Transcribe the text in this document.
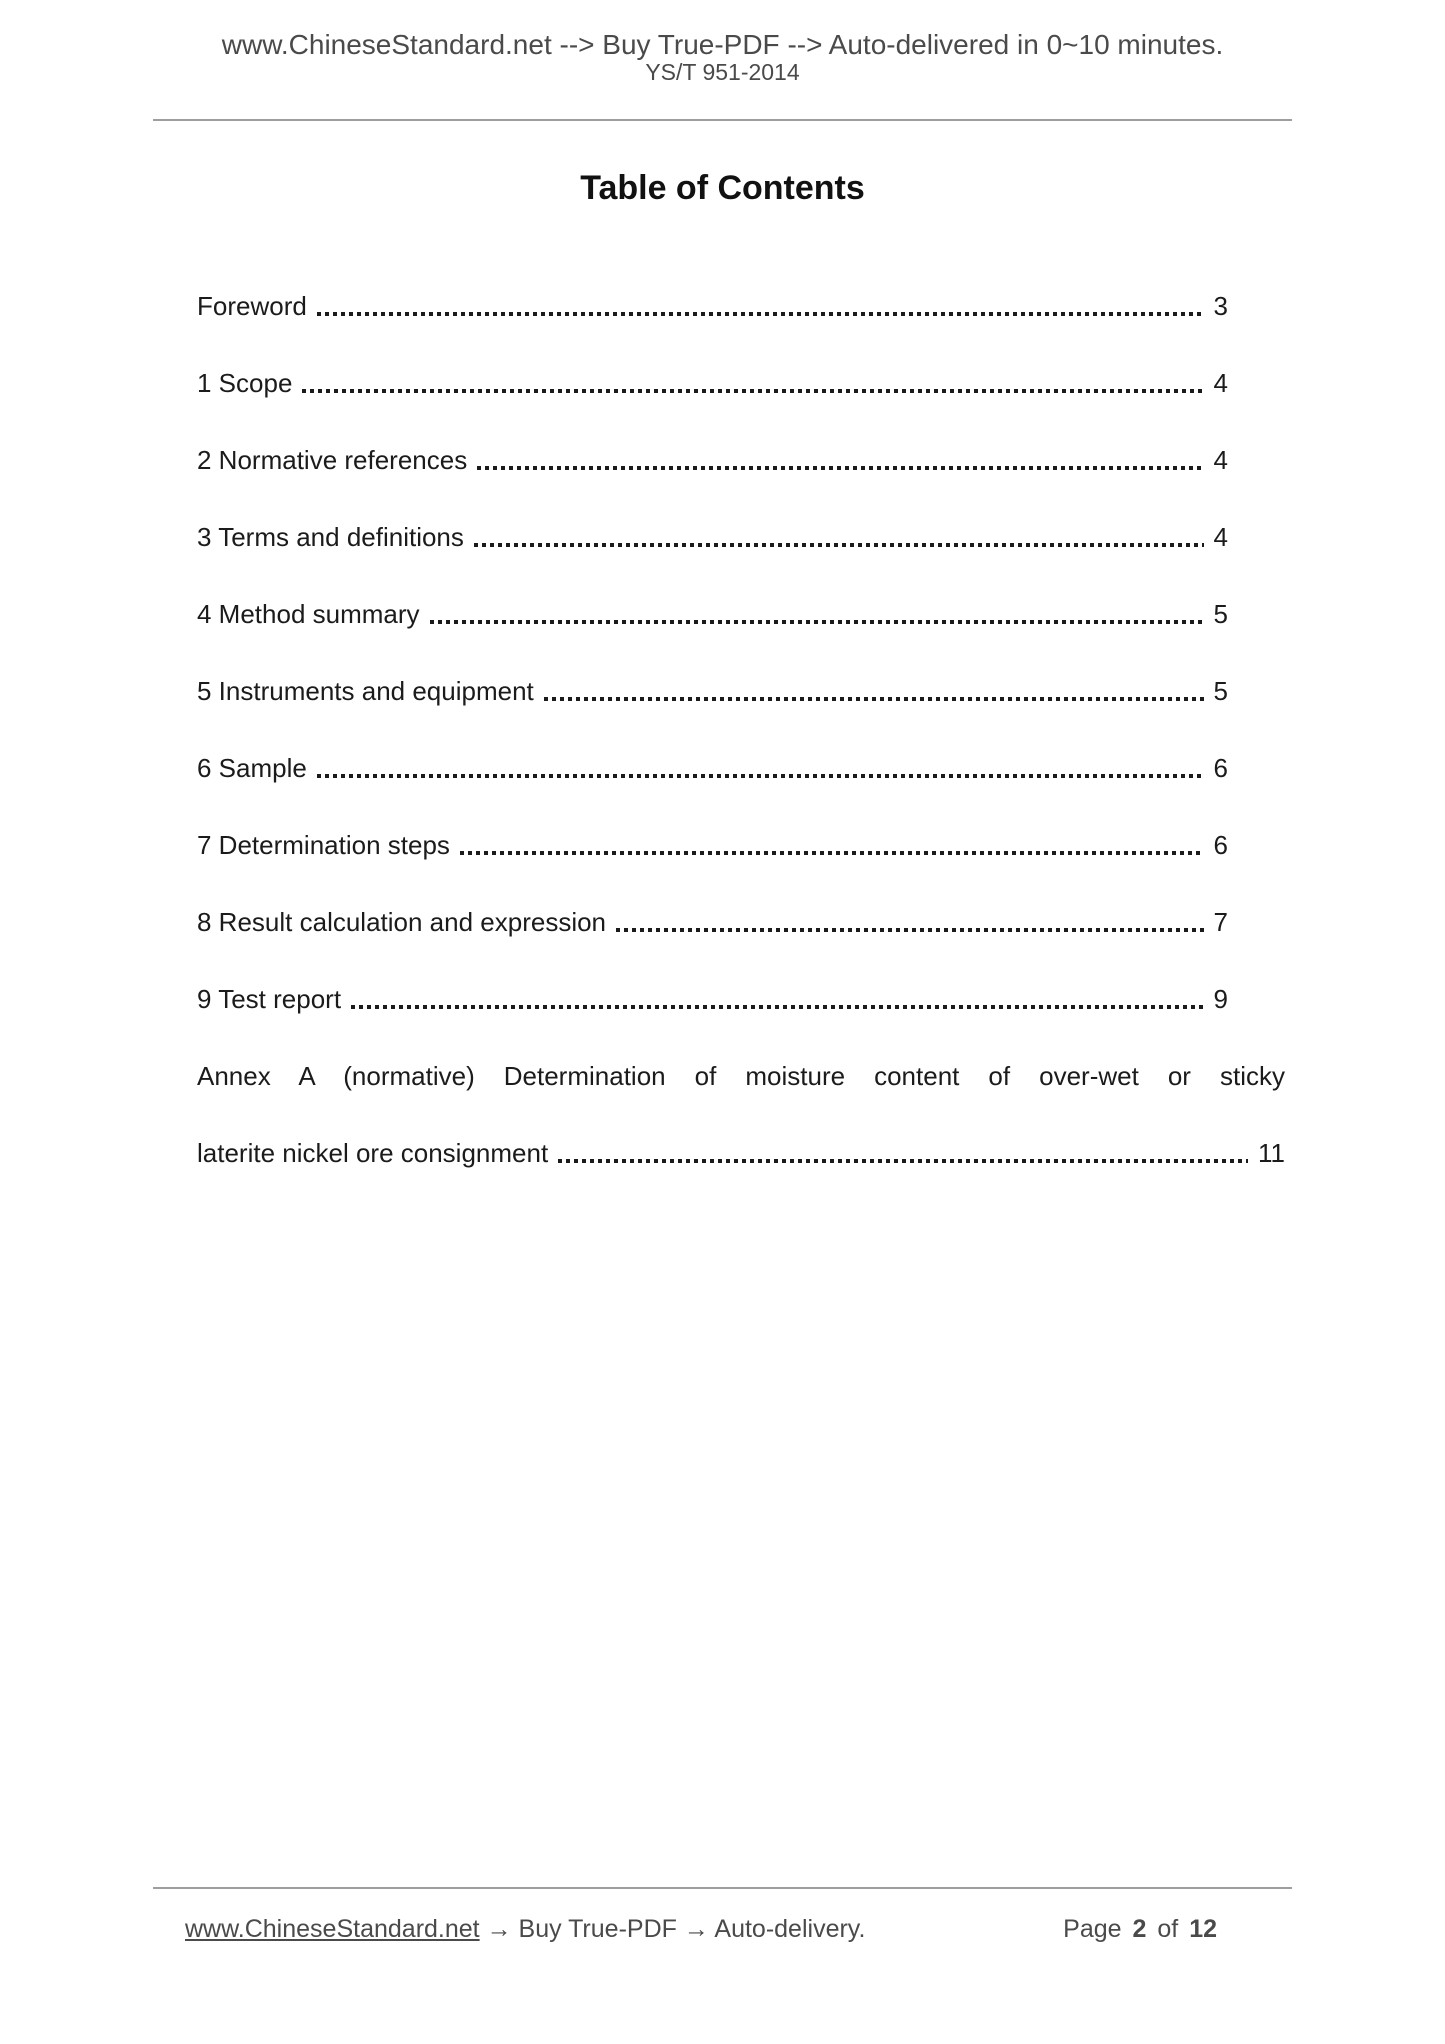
www.ChineseStandard.net --> Buy True-PDF --> Auto-delivered in 0~10 minutes.
YS/T 951-2014
Table of Contents
Foreword	3
1 Scope	4
2 Normative references	4
3 Terms and definitions	4
4 Method summary	5
5 Instruments and equipment	5
6 Sample	6
7 Determination steps	6
8 Result calculation and expression	7
9 Test report	9
Annex A (normative) Determination of moisture content of over-wet or sticky
laterite nickel ore consignment	11
www.ChineseStandard.net → Buy True-PDF → Auto-delivery.	Page 2 of 12
